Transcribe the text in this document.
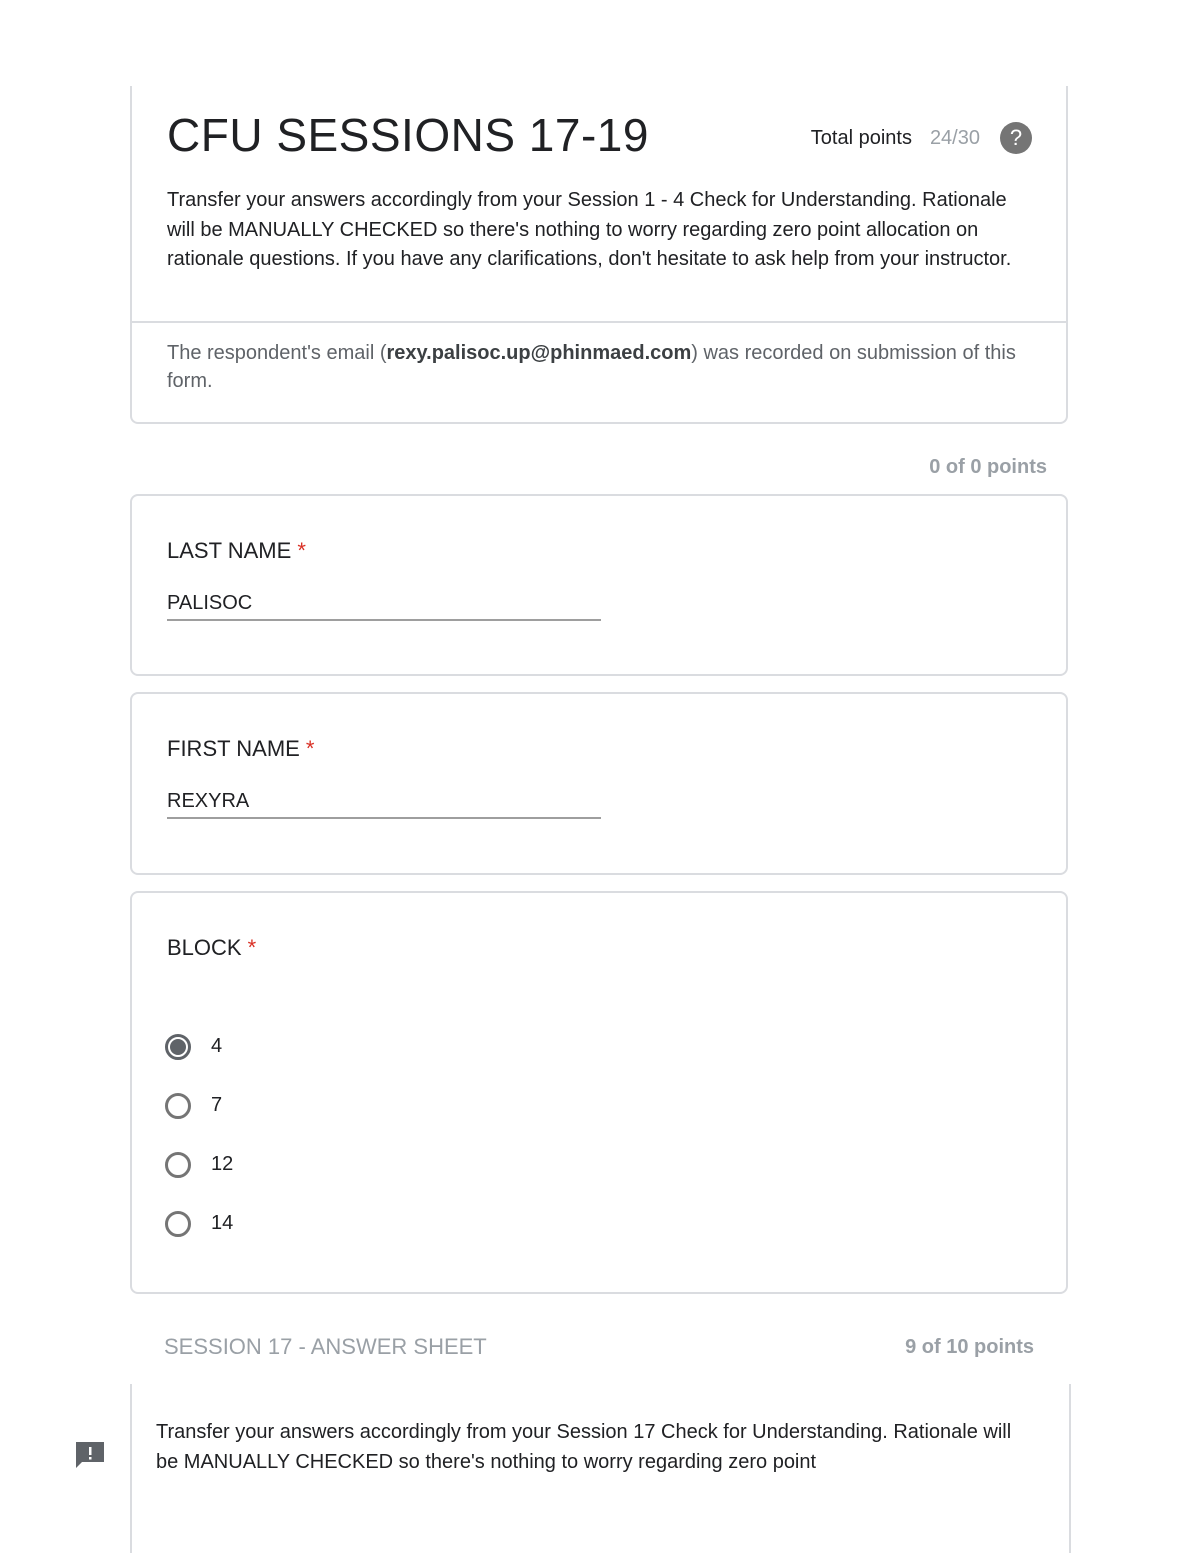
CFU SESSIONS 17-19	Total points 24/30	?

Transfer your answers accordingly from your Session 1 - 4 Check for Understanding. Rationale will be MANUALLY CHECKED so there's nothing to worry regarding zero point allocation on rationale questions. If you have any clarifications, don't hesitate to ask help from your instructor.

The respondent's email (rexy.palisoc.up@phinmaed.com) was recorded on submission of this form.

0 of 0 points
LAST NAME *
PALISOC
FIRST NAME *
REXYRA
BLOCK *
4
7
12
14
SESSION 17 - ANSWER SHEET	9 of 10 points

Transfer your answers accordingly from your Session 17 Check for Understanding. Rationale will be MANUALLY CHECKED so there's nothing to worry regarding zero point
